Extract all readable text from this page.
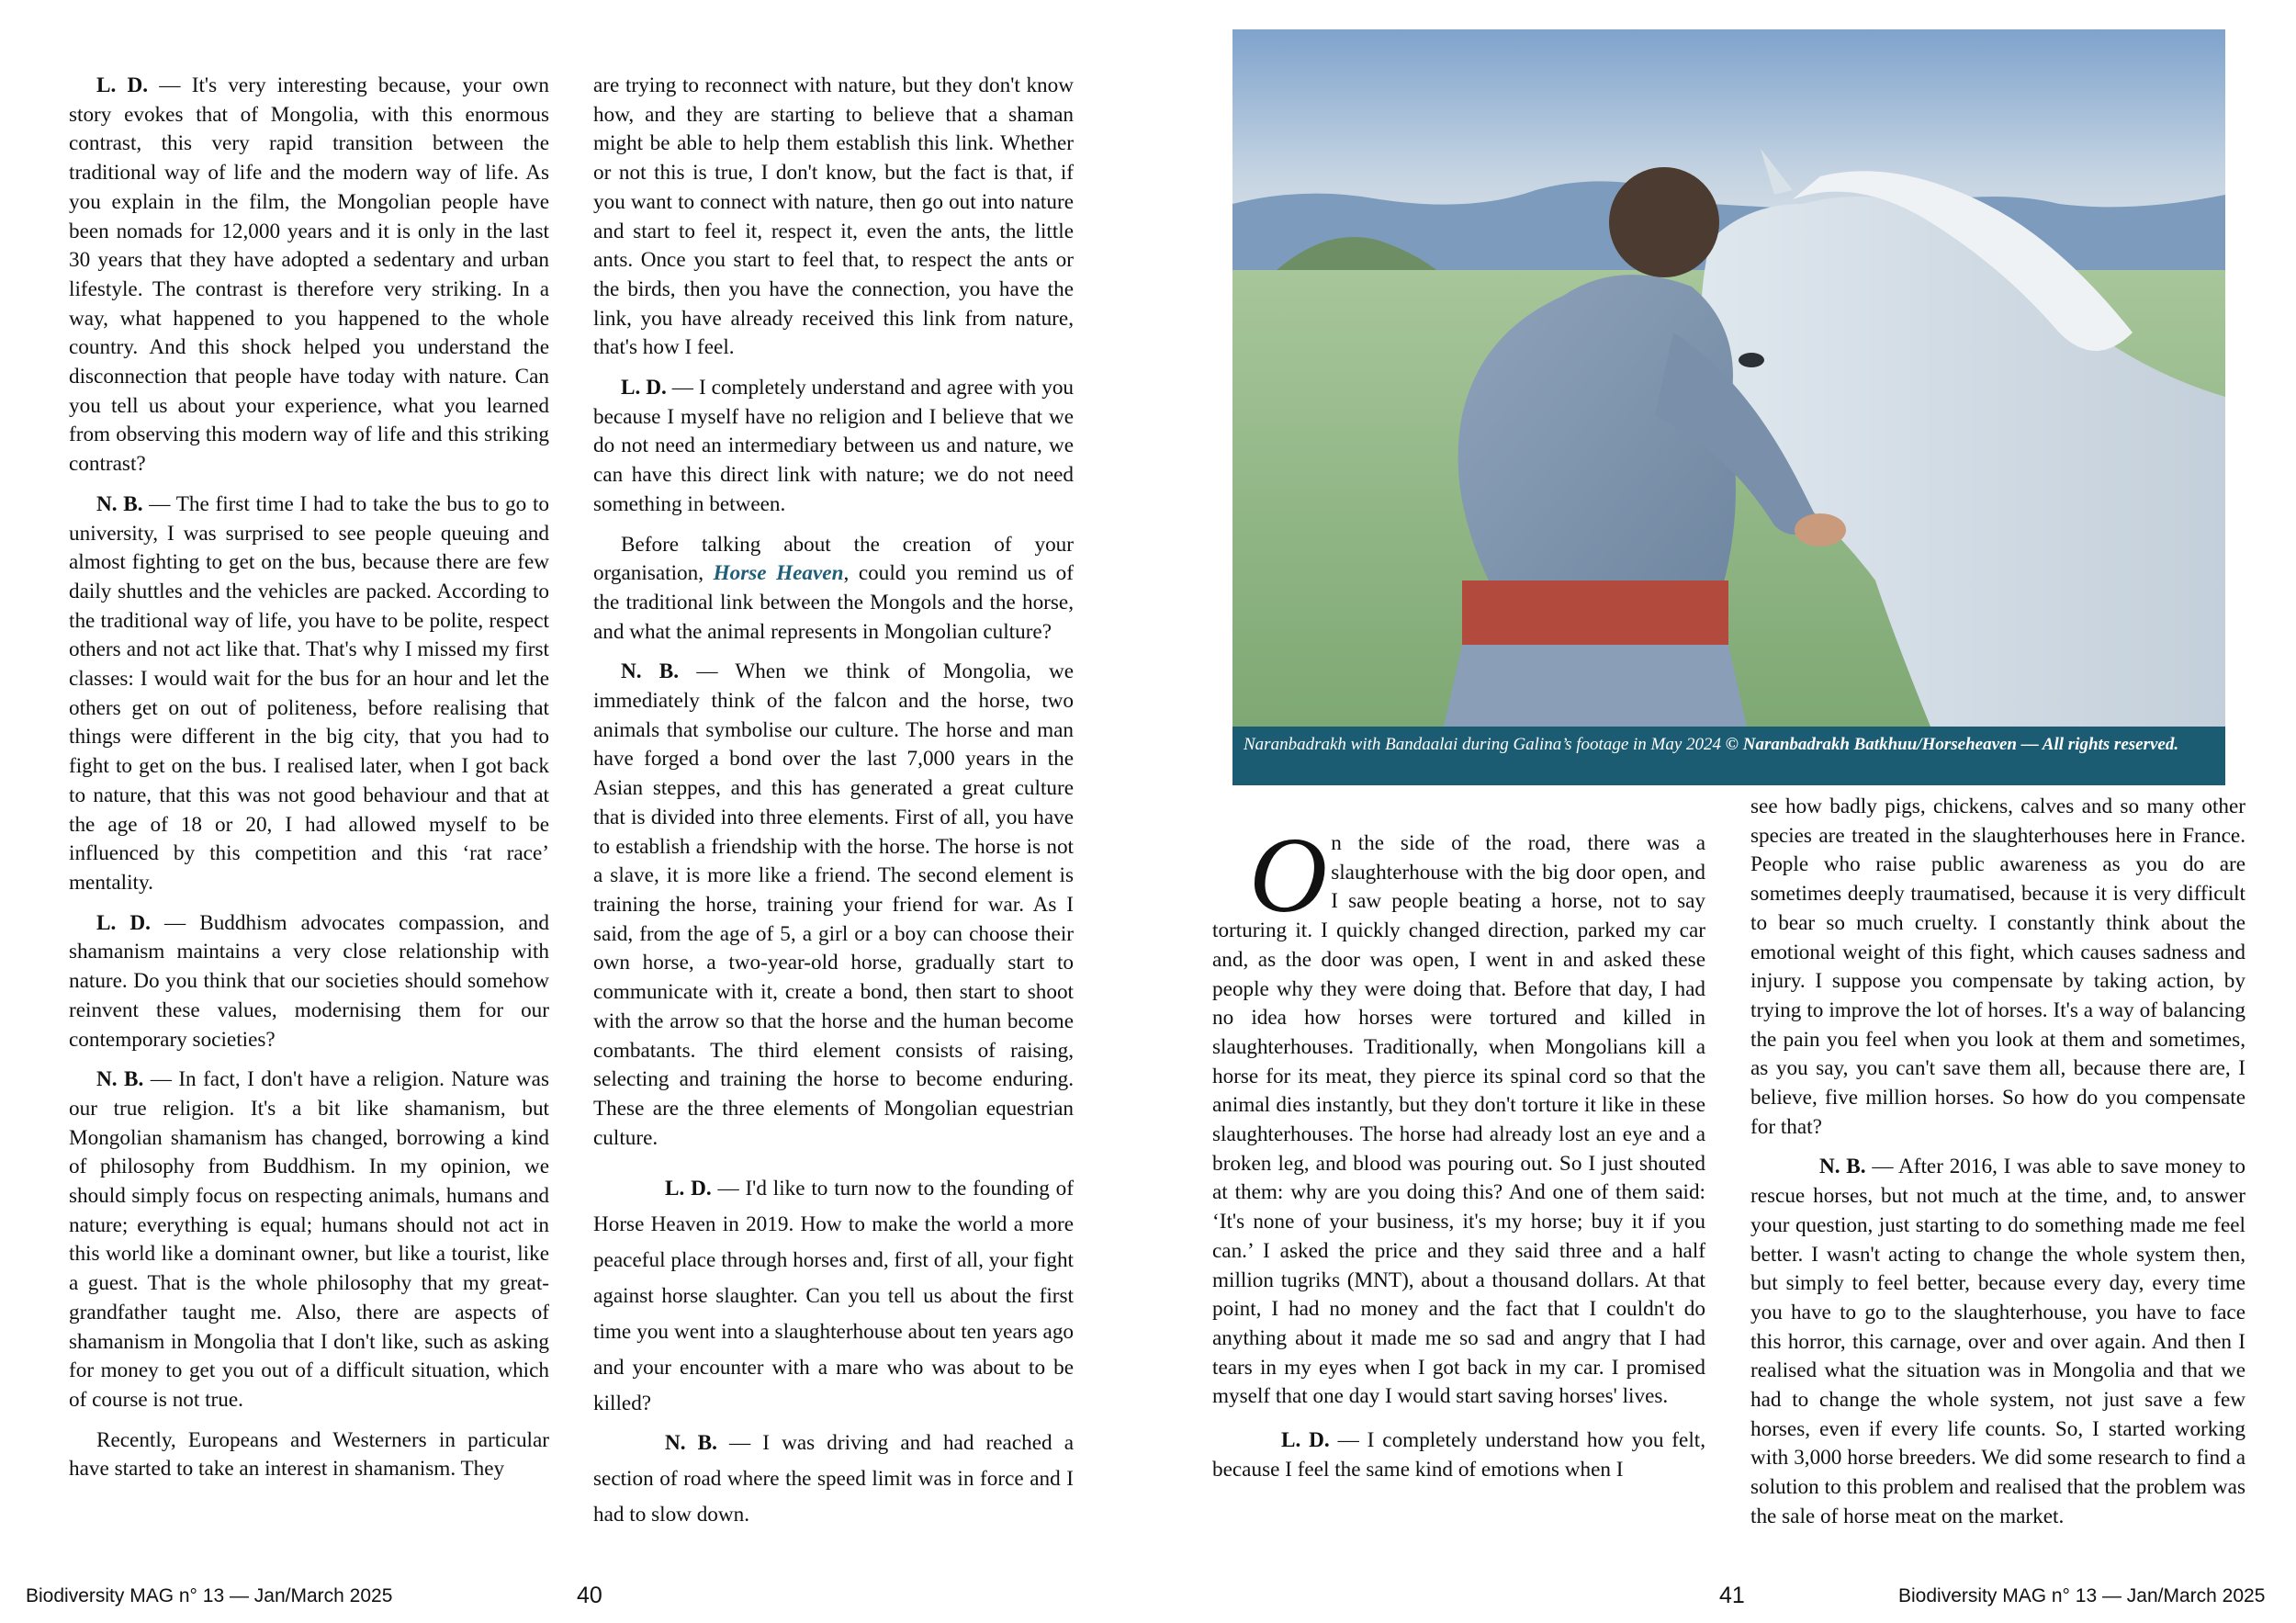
L. D. — It's very interesting because, your own story evokes that of Mongolia, with this enormous contrast, this very rapid transition between the traditional way of life and the modern way of life. As you explain in the film, the Mongolian people have been nomads for 12,000 years and it is only in the last 30 years that they have adopted a sedentary and urban lifestyle. The contrast is therefore very striking. In a way, what happened to you happened to the whole country. And this shock helped you understand the disconnection that people have today with nature. Can you tell us about your experience, what you learned from observing this modern way of life and this striking contrast?

N. B. — The first time I had to take the bus to go to university, I was surprised to see people queuing and almost fighting to get on the bus, because there are few daily shuttles and the vehicles are packed. According to the traditional way of life, you have to be polite, respect others and not act like that. That's why I missed my first classes: I would wait for the bus for an hour and let the others get on out of politeness, before realising that things were different in the big city, that you had to fight to get on the bus. I realised later, when I got back to nature, that this was not good behaviour and that at the age of 18 or 20, I had allowed myself to be influenced by this competition and this ‘rat race’ mentality.

L. D. — Buddhism advocates compassion, and shamanism maintains a very close relationship with nature. Do you think that our societies should somehow reinvent these values, modernising them for our contemporary societies?

N. B. — In fact, I don't have a religion. Nature was our true religion. It's a bit like shamanism, but Mongolian shamanism has changed, borrowing a kind of philosophy from Buddhism. In my opinion, we should simply focus on respecting animals, humans and nature; everything is equal; humans should not act in this world like a dominant owner, but like a tourist, like a guest. That is the whole philosophy that my great-grandfather taught me. Also, there are aspects of shamanism in Mongolia that I don't like, such as asking for money to get you out of a difficult situation, which of course is not true.

Recently, Europeans and Westerners in particular have started to take an interest in shamanism. They

are trying to reconnect with nature, but they don't know how, and they are starting to believe that a shaman might be able to help them establish this link. Whether or not this is true, I don't know, but the fact is that, if you want to connect with nature, then go out into nature and start to feel it, respect it, even the ants, the little ants. Once you start to feel that, to respect the ants or the birds, then you have the connection, you have the link, you have already received this link from nature, that's how I feel.

L. D. — I completely understand and agree with you because I myself have no religion and I believe that we do not need an intermediary between us and nature, we can have this direct link with nature; we do not need something in between.

Before talking about the creation of your organisation, Horse Heaven, could you remind us of the traditional link between the Mongols and the horse, and what the animal represents in Mongolian culture?

N. B. — When we think of Mongolia, we immediately think of the falcon and the horse, two animals that symbolise our culture. The horse and man have forged a bond over the last 7,000 years in the Asian steppes, and this has generated a great culture that is divided into three elements. First of all, you have to establish a friendship with the horse. The horse is not a slave, it is more like a friend. The second element is training the horse, training your friend for war. As I said, from the age of 5, a girl or a boy can choose their own horse, a two-year-old horse, gradually start to communicate with it, create a bond, then start to shoot with the arrow so that the horse and the human become combatants. The third element consists of raising, selecting and training the horse to become enduring. These are the three elements of Mongolian equestrian culture.

L. D. — I'd like to turn now to the founding of Horse Heaven in 2019. How to make the world a more peaceful place through horses and, first of all, your fight against horse slaughter. Can you tell us about the first time you went into a slaughterhouse about ten years ago and your encounter with a mare who was about to be killed?

N. B. — I was driving and had reached a section of road where the speed limit was in force and I had to slow down.

Biodiversity MAG n° 13 — Jan/March 2025	40
Naranbadrakh with Bandaalai during Galina’s footage in May 2024 © Naranbadrakh Batkhuu/Horseheaven — All rights reserved.

On the side of the road, there was a slaughterhouse with the big door open, and I saw people beating a horse, not to say torturing it. I quickly changed direction, parked my car and, as the door was open, I went in and asked these people why they were doing that. Before that day, I had no idea how horses were tortured and killed in slaughterhouses. Traditionally, when Mongolians kill a horse for its meat, they pierce its spinal cord so that the animal dies instantly, but they don't torture it like in these slaughterhouses. The horse had already lost an eye and a broken leg, and blood was pouring out. So I just shouted at them: why are you doing this? And one of them said: ‘It's none of your business, it's my horse; buy it if you can.’ I asked the price and they said three and a half million tugriks (MNT), about a thousand dollars. At that point, I had no money and the fact that I couldn't do anything about it made me so sad and angry that I had tears in my eyes when I got back in my car. I promised myself that one day I would start saving horses' lives.

L. D. — I completely understand how you felt, because I feel the same kind of emotions when I

see how badly pigs, chickens, calves and so many other species are treated in the slaughterhouses here in France. People who raise public awareness as you do are sometimes deeply traumatised, because it is very difficult to bear so much cruelty. I constantly think about the emotional weight of this fight, which causes sadness and injury. I suppose you compensate by taking action, by trying to improve the lot of horses. It's a way of balancing the pain you feel when you look at them and sometimes, as you say, you can't save them all, because there are, I believe, five million horses. So how do you compensate for that?

N. B. — After 2016, I was able to save money to rescue horses, but not much at the time, and, to answer your question, just starting to do something made me feel better. I wasn't acting to change the whole system then, but simply to feel better, because every day, every time you have to go to the slaughterhouse, you have to face this horror, this carnage, over and over again. And then I realised what the situation was in Mongolia and that we had to change the whole system, not just save a few horses, even if every life counts. So, I started working with 3,000 horse breeders. We did some research to find a solution to this problem and realised that the problem was the sale of horse meat on the market.

41	Biodiversity MAG n° 13 — Jan/March 2025
